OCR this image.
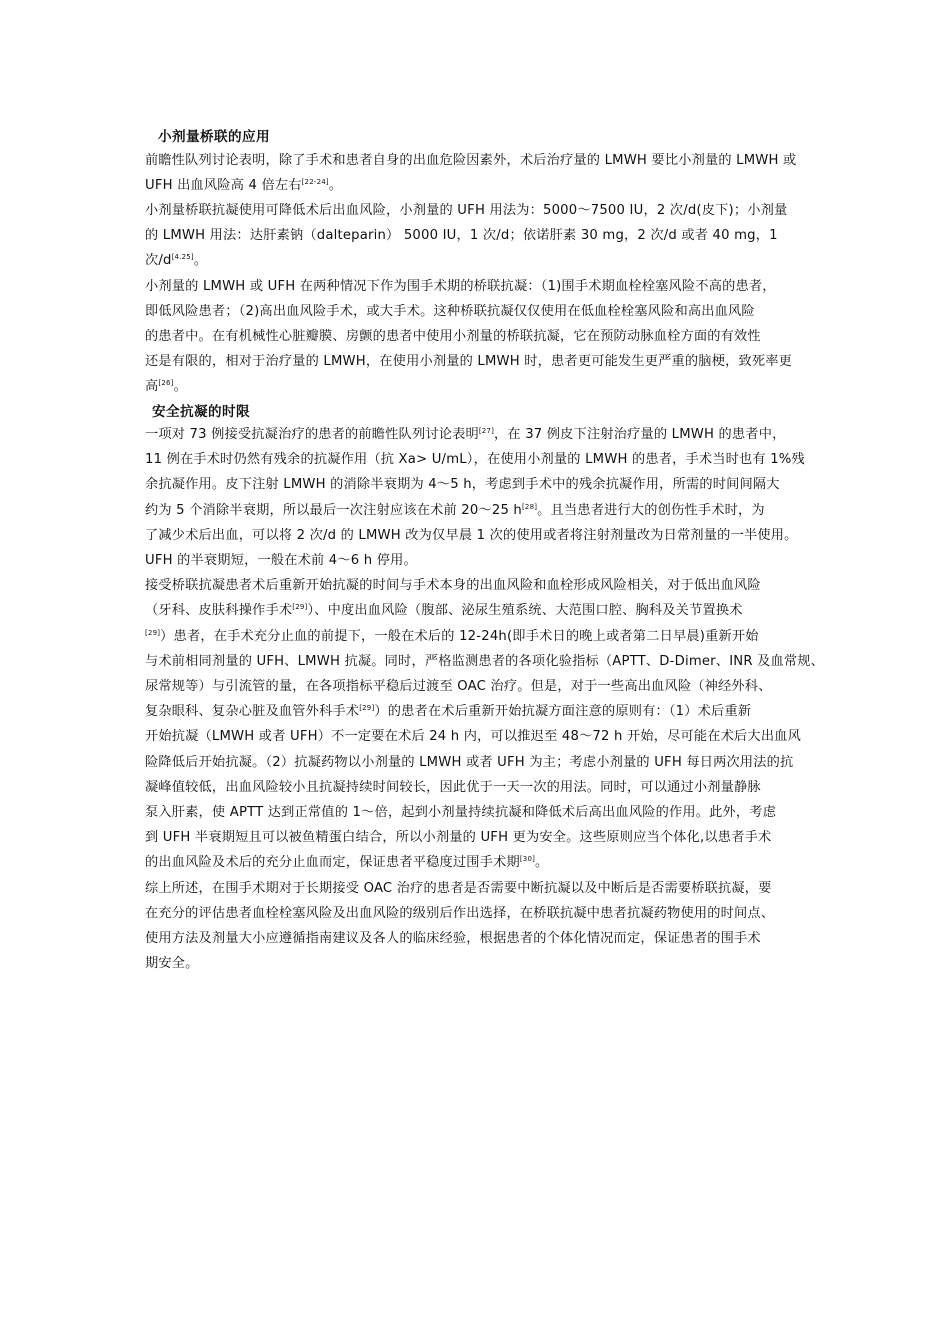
小剂量桥联的应用
前瞻性队列讨论表明，除了手术和患者自身的出血危险因素外，术后治疗量的 LMWH 要比小剂量的 LMWH 或
UFH 出血风险高 4 倍左右[22-24]。
小剂量桥联抗凝使用可降低术后出血风险，小剂量的 UFH 用法为：5000～7500 IU，2 次/d(皮下)；小剂量
的 LMWH 用法：达肝素钠（dalteparin） 5000 IU，1 次/d；依诺肝素 30 mg，2 次/d 或者 40 mg，1
次/d[4.25]。
小剂量的 LMWH 或 UFH 在两种情况下作为围手术期的桥联抗凝：（1)围手术期血栓栓塞风险不高的患者，
即低风险患者；（2)高出血风险手术，或大手术。这种桥联抗凝仅仅使用在低血栓栓塞风险和高出血风险
的患者中。在有机械性心脏瓣膜、房颤的患者中使用小剂量的桥联抗凝，它在预防动脉血栓方面的有效性
还是有限的，相对于治疗量的 LMWH，在使用小剂量的 LMWH 时，患者更可能发生更严重的脑梗，致死率更
高[26]。
安全抗凝的时限
一项对 73 例接受抗凝治疗的患者的前瞻性队列讨论表明[27]，在 37 例皮下注射治疗量的 LMWH 的患者中，
11 例在手术时仍然有残余的抗凝作用（抗 Xa> U/mL），在使用小剂量的 LMWH 的患者，手术当时也有 1%残
余抗凝作用。皮下注射 LMWH 的消除半衰期为 4～5 h，考虑到手术中的残余抗凝作用，所需的时间间隔大
约为 5 个消除半衰期，所以最后一次注射应该在术前 20～25 h[28]。且当患者进行大的创伤性手术时，为
了减少术后出血，可以将 2 次/d 的 LMWH 改为仅早晨 1 次的使用或者将注射剂量改为日常剂量的一半使用。
UFH 的半衰期短，一般在术前 4～6 h 停用。
接受桥联抗凝患者术后重新开始抗凝的时间与手术本身的出血风险和血栓形成风险相关，对于低出血风险
（牙科、皮肤科操作手术[29]）、中度出血风险（腹部、泌尿生殖系统、大范围口腔、胸科及关节置换术
[29]）患者，在手术充分止血的前提下，一般在术后的 12-24h(即手术日的晚上或者第二日早晨)重新开始
与术前相同剂量的 UFH、LMWH 抗凝。同时，严格监测患者的各项化验指标（APTT、D-Dimer、INR 及血常规、
尿常规等）与引流管的量，在各项指标平稳后过渡至 OAC 治疗。但是，对于一些高出血风险（神经外科、
复杂眼科、复杂心脏及血管外科手术[29]）的患者在术后重新开始抗凝方面注意的原则有：（1）术后重新
开始抗凝（LMWH 或者 UFH）不一定要在术后 24 h 内，可以推迟至 48～72 h 开始，尽可能在术后大出血风
险降低后开始抗凝。（2）抗凝药物以小剂量的 LMWH 或者 UFH 为主；考虑小剂量的 UFH 每日两次用法的抗
凝峰值较低，出血风险较小且抗凝持续时间较长，因此优于一天一次的用法。同时，可以通过小剂量静脉
泵入肝素，使 APTT 达到正常值的 1～倍，起到小剂量持续抗凝和降低术后高出血风险的作用。此外，考虑
到 UFH 半衰期短且可以被鱼精蛋白结合，所以小剂量的 UFH 更为安全。这些原则应当个体化,以患者手术
的出血风险及术后的充分止血而定，保证患者平稳度过围手术期[30]。
综上所述，在围手术期对于长期接受 OAC 治疗的患者是否需要中断抗凝以及中断后是否需要桥联抗凝，要
在充分的评估患者血栓栓塞风险及出血风险的级别后作出选择，在桥联抗凝中患者抗凝药物使用的时间点、
使用方法及剂量大小应遵循指南建议及各人的临床经验，根据患者的个体化情况而定，保证患者的围手术
期安全。
